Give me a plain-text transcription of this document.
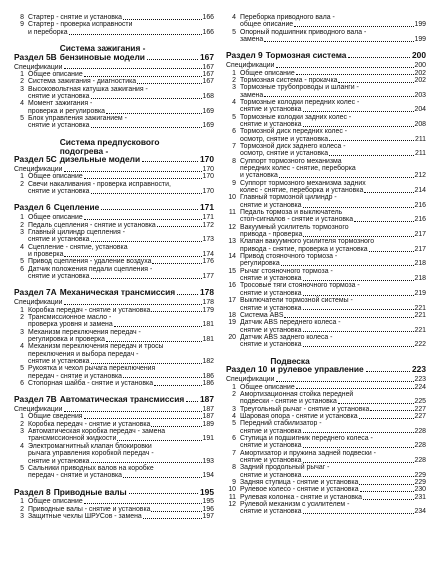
8 Стартер - снятие и установка	166
9 Стартер - проверка исправности
и переборка	166
Раздел 5В
Система зажигания -
бензиновые модели	167
Спецификации	167
1 Общее описание	167
2 Система зажигания - диагностика	167
3 Высоковольтная катушка зажигания -
снятие и установка	168
4 Момент зажигания -
проверка и регулировка	169
5 Блок управления зажиганием -
снятие и установка	169
Раздел 5С
Система предпускового
подогрева -
дизельные модели	170
Спецификации	170
1 Общее описание	170
2 Свечи накаливания - проверка исправности,
снятие и установка	170
Раздел 6 Сцепление	171
1 Общее описание	171
2 Педаль сцепления - снятие и установка	172
3 Главный цилиндр сцепления -
снятие и установка	173
4 Сцепление - снятие, установка
и проверка	174
5 Привод сцепления - удаление воздуха	176
6 Датчик положения педали сцепления -
снятие и установка	177
Раздел 7А Механическая трансмиссия	178
Спецификации	178
1 Коробка передач - снятие и установка	179
2 Трансмиссионное масло -
проверка уровня и замена	181
3 Механизм переключения передач -
регулировка и проверка	181
4 Механизм переключения передач и тросы
переключения и выбора передач -
снятие и установка	182
5 Рукоятка и чехол рычага переключения
передач - снятие и установка	186
6 Стопорная шайба - снятие и установка	186
Раздел 7В Автоматическая трансмиссия 187
Спецификации	187
1 Общие сведения	187
2 Коробка передач - снятие и установка	189
3 Автоматическая коробка передач - замена
трансмиссионной жидкости	191
4 Электромагнитный клапан блокировки
рычага управления коробкой передач -
снятие и установка	193
5 Сальники приводных валов на коробке
передач - снятие и установка	194
Раздел 8 Приводные валы	195
1 Общее описание	195
2 Приводные валы - снятие и установка	196
3 Защитные чехлы ШРУСов - замена	197
4 Переборка приводного вала -
общее описание	199
5 Опорный подшипник приводного вала -
замена	199
Раздел 9 Тормозная система	200
Спецификации	200
1 Общее описание	202
2 Тормозная система - прокачка	202
3 Тормозные трубопроводы и шланги -
замена	203
4 Тормозные колодки передних колес -
снятие и установка	204
5 Тормозные колодки задних колес -
снятие и установка	208
6 Тормозной диск передних колес -
осмотр, снятие и установка	211
7 Тормозной диск заднего колеса -
осмотр, снятие и установка	211
8 Суппорт тормозного механизма
передних колес - снятие, переборка
и установка	212
9 Суппорт тормозного механизма задних
колес - снятие, переборка и установка	214
10 Главный тормозной цилиндр -
снятие и установка	216
11 Педаль тормоза и выключатель
стоп-сигналов - снятие и установка	216
12 Вакуумный усилитель тормозного
привода - проверка	217
13 Клапан вакуумного усилителя тормозного
привода - снятие, проверка и установка	217
14 Привод стояночного тормоза -
регулировка	218
15 Рычаг стояночного тормоза -
снятие и установка	218
16 Тросовые тяги стояночного тормоза -
снятие и установка	219
17 Выключатели тормозной системы -
снятие и установка	221
18 Система ABS	221
19 Датчик ABS переднего колеса -
снятие и установка	221
20 Датчик ABS заднего колеса -
снятие и установка	222
Раздел 10
Подвеска
и рулевое управление	223
Спецификации	223
1 Общее описание	224
2 Амортизационная стойка передней
подвески - снятие и установка	225
3 Треугольный рычаг - снятие и установка	227
4 Шаровая опора - снятие и установка	227
5 Передний стабилизатор -
снятие и установка	228
6 Ступица и подшипник переднего колеса -
снятие и установка	228
7 Амортизатор и пружина задней подвески -
снятие и установка	228
8 Задний продольный рычаг -
снятие и установка	229
9 Задняя ступица - снятие и установка	229
10 Рулевое колесо - снятие и установка	230
11 Рулевая колонка - снятие и установка	231
12 Рулевой механизм с усилителем -
снятие и установка	234
